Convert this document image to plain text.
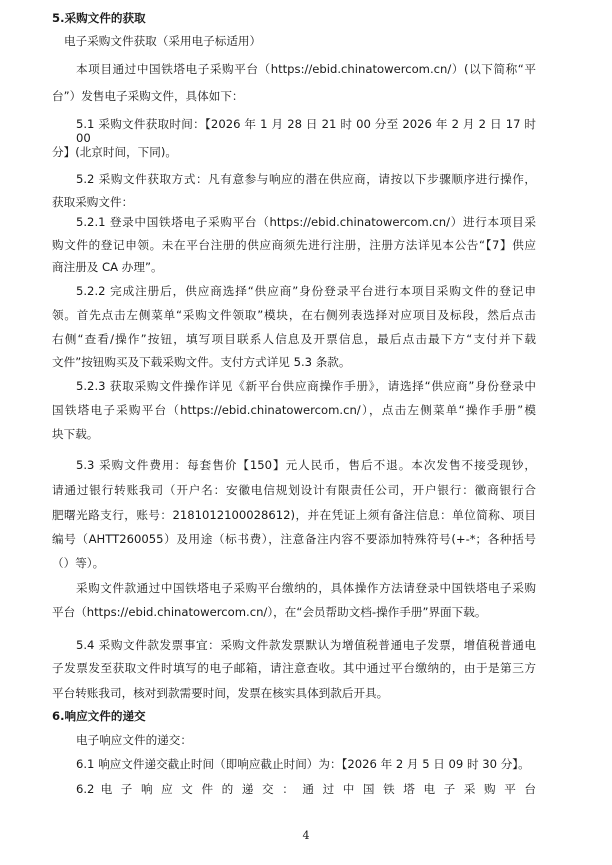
5.采购文件的获取
电子采购文件获取（采用电子标适用）
本项目通过中国铁塔电子采购平台（https://ebid.chinatowercom.cn/）(以下简称“平
台”）发售电子采购文件，具体如下：
5.1 采购文件获取时间：【2026 年 1 月 28 日 21 时 00 分至 2026 年 2 月 2 日 17 时 00
分】(北京时间，下同)。
5.2 采购文件获取方式：凡有意参与响应的潜在供应商，请按以下步骤顺序进行操作，
获取采购文件：
5.2.1 登录中国铁塔电子采购平台（https://ebid.chinatowercom.cn/）进行本项目采
购文件的登记申领。未在平台注册的供应商须先进行注册，注册方法详见本公告“【7】供应
商注册及 CA 办理”。
5.2.2 完成注册后，供应商选择“供应商”身份登录平台进行本项目采购文件的登记申
领。首先点击左侧菜单“采购文件领取”模块，在右侧列表选择对应项目及标段，然后点击
右侧“查看/操作”按钮，填写项目联系人信息及开票信息，最后点击最下方“支付并下载
文件”按钮购买及下载采购文件。支付方式详见 5.3 条款。
5.2.3 获取采购文件操作详见《新平台供应商操作手册》，请选择“供应商”身份登录中
国铁塔电子采购平台（https://ebid.chinatowercom.cn/），点击左侧菜单“操作手册”模
块下载。
5.3 采购文件费用：每套售价【150】元人民币，售后不退。本次发售不接受现钞，
请通过银行转账我司（开户名：安徽电信规划设计有限责任公司，开户银行：徽商银行合
肥曙光路支行，账号：2181012100028612)，并在凭证上须有备注信息：单位简称、项目
编号（AHTT260055）及用途（标书费），注意备注内容不要添加特殊符号(+-*；各种括号
（）等）。
采购文件款通过中国铁塔电子采购平台缴纳的，具体操作方法请登录中国铁塔电子采购
平台（https://ebid.chinatowercom.cn/），在“会员帮助文档-操作手册”界面下载。
5.4 采购文件款发票事宜：采购文件款发票默认为增值税普通电子发票，增值税普通电
子发票发至获取文件时填写的电子邮箱，请注意查收。其中通过平台缴纳的，由于是第三方
平台转账我司，核对到款需要时间，发票在核实具体到款后开具。
6.响应文件的递交
电子响应文件的递交：
6.1 响应文件递交截止时间（即响应截止时间）为：【2026 年 2 月 5 日 09 时 30 分】。
6.2 电 子 响 应 文 件 的 递 交 ： 通 过 中 国 铁 塔 电 子 采 购 平 台
4
